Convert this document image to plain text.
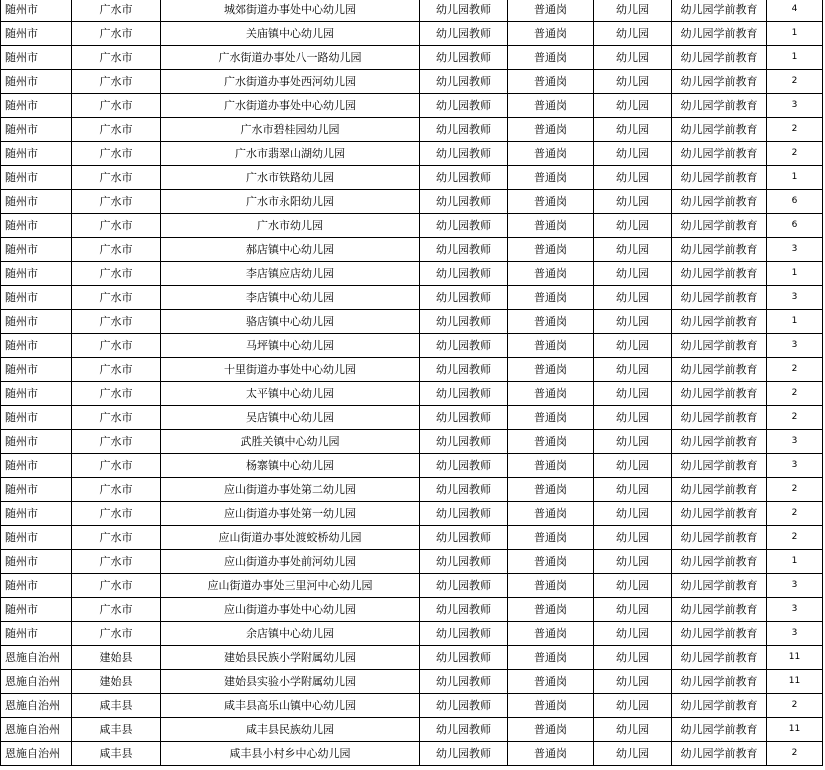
随州市	广水市	城郊街道办事处中心幼儿园	幼儿园教师	普通岗	幼儿园	幼儿园学前教育	4
随州市	广水市	关庙镇中心幼儿园	幼儿园教师	普通岗	幼儿园	幼儿园学前教育	1
随州市	广水市	广水街道办事处八一路幼儿园	幼儿园教师	普通岗	幼儿园	幼儿园学前教育	1
随州市	广水市	广水街道办事处西河幼儿园	幼儿园教师	普通岗	幼儿园	幼儿园学前教育	2
随州市	广水市	广水街道办事处中心幼儿园	幼儿园教师	普通岗	幼儿园	幼儿园学前教育	3
随州市	广水市	广水市碧桂园幼儿园	幼儿园教师	普通岗	幼儿园	幼儿园学前教育	2
随州市	广水市	广水市翡翠山湖幼儿园	幼儿园教师	普通岗	幼儿园	幼儿园学前教育	2
随州市	广水市	广水市铁路幼儿园	幼儿园教师	普通岗	幼儿园	幼儿园学前教育	1
随州市	广水市	广水市永阳幼儿园	幼儿园教师	普通岗	幼儿园	幼儿园学前教育	6
随州市	广水市	广水市幼儿园	幼儿园教师	普通岗	幼儿园	幼儿园学前教育	6
随州市	广水市	郝店镇中心幼儿园	幼儿园教师	普通岗	幼儿园	幼儿园学前教育	3
随州市	广水市	李店镇应店幼儿园	幼儿园教师	普通岗	幼儿园	幼儿园学前教育	1
随州市	广水市	李店镇中心幼儿园	幼儿园教师	普通岗	幼儿园	幼儿园学前教育	3
随州市	广水市	骆店镇中心幼儿园	幼儿园教师	普通岗	幼儿园	幼儿园学前教育	1
随州市	广水市	马坪镇中心幼儿园	幼儿园教师	普通岗	幼儿园	幼儿园学前教育	3
随州市	广水市	十里街道办事处中心幼儿园	幼儿园教师	普通岗	幼儿园	幼儿园学前教育	2
随州市	广水市	太平镇中心幼儿园	幼儿园教师	普通岗	幼儿园	幼儿园学前教育	2
随州市	广水市	吴店镇中心幼儿园	幼儿园教师	普通岗	幼儿园	幼儿园学前教育	2
随州市	广水市	武胜关镇中心幼儿园	幼儿园教师	普通岗	幼儿园	幼儿园学前教育	3
随州市	广水市	杨寨镇中心幼儿园	幼儿园教师	普通岗	幼儿园	幼儿园学前教育	3
随州市	广水市	应山街道办事处第二幼儿园	幼儿园教师	普通岗	幼儿园	幼儿园学前教育	2
随州市	广水市	应山街道办事处第一幼儿园	幼儿园教师	普通岗	幼儿园	幼儿园学前教育	2
随州市	广水市	应山街道办事处渡蛟桥幼儿园	幼儿园教师	普通岗	幼儿园	幼儿园学前教育	2
随州市	广水市	应山街道办事处前河幼儿园	幼儿园教师	普通岗	幼儿园	幼儿园学前教育	1
随州市	广水市	应山街道办事处三里河中心幼儿园	幼儿园教师	普通岗	幼儿园	幼儿园学前教育	3
随州市	广水市	应山街道办事处中心幼儿园	幼儿园教师	普通岗	幼儿园	幼儿园学前教育	3
随州市	广水市	余店镇中心幼儿园	幼儿园教师	普通岗	幼儿园	幼儿园学前教育	3
恩施自治州	建始县	建始县民族小学附属幼儿园	幼儿园教师	普通岗	幼儿园	幼儿园学前教育	11
恩施自治州	建始县	建始县实验小学附属幼儿园	幼儿园教师	普通岗	幼儿园	幼儿园学前教育	11
恩施自治州	咸丰县	咸丰县高乐山镇中心幼儿园	幼儿园教师	普通岗	幼儿园	幼儿园学前教育	2
恩施自治州	咸丰县	咸丰县民族幼儿园	幼儿园教师	普通岗	幼儿园	幼儿园学前教育	11
恩施自治州	咸丰县	咸丰县小村乡中心幼儿园	幼儿园教师	普通岗	幼儿园	幼儿园学前教育	2
